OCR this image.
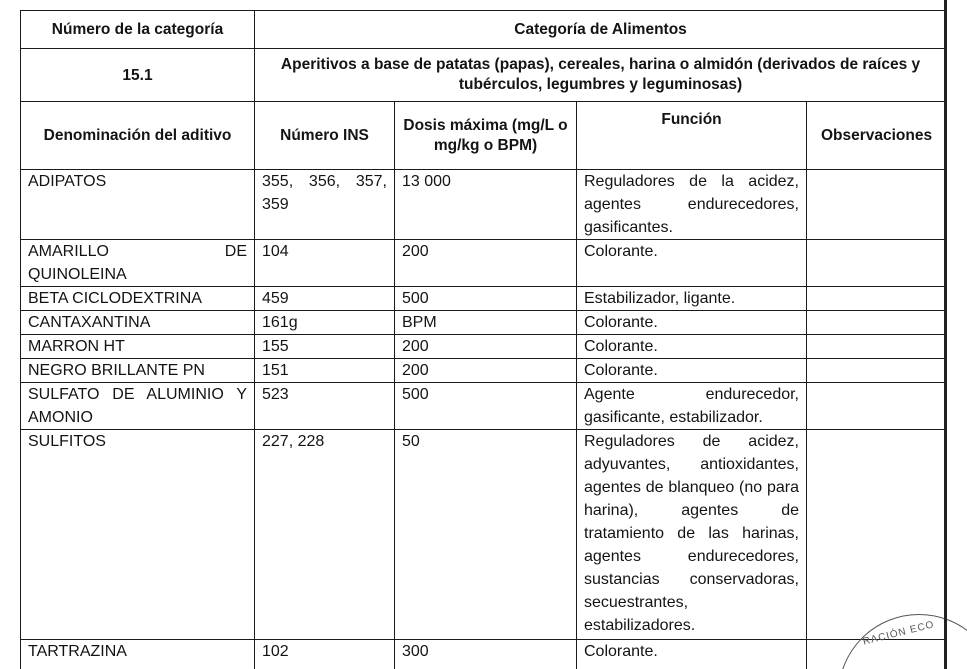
Número de la categoría	Categoría de Alimentos			
15.1	Aperitivos a base de patatas (papas), cereales, harina o almidón (derivados de raíces y tubérculos, legumbres y leguminosas)			
Denominación del aditivo	Número INS	Dosis máxima (mg/L o mg/kg o BPM)	Función	Observaciones
ADIPATOS	355, 356, 357, 359	13 000	Reguladores de la acidez, agentes endurecedores, gasificantes.	

AMARILLO DE
QUINOLEINA	104	200	Colorante.	
BETA CICLODEXTRINA	459	500	Estabilizador, ligante.	
CANTAXANTINA	161g	BPM	Colorante.	
MARRON HT	155	200	Colorante.	
NEGRO BRILLANTE PN	151	200	Colorante.	
SULFATO DE ALUMINIO Y AMONIO	523	500	Agente endurecedor, gasificante, estabilizador.	
SULFITOS	227, 228	50	Reguladores de acidez, adyuvantes, antioxidantes, agentes de blanqueo (no para harina), agentes de tratamiento de las harinas, agentes endurecedores, sustancias conservadoras, secuestrantes, estabilizadores.	
TARTRAZINA	102	300	Colorante.	
RACIÓN ECO
